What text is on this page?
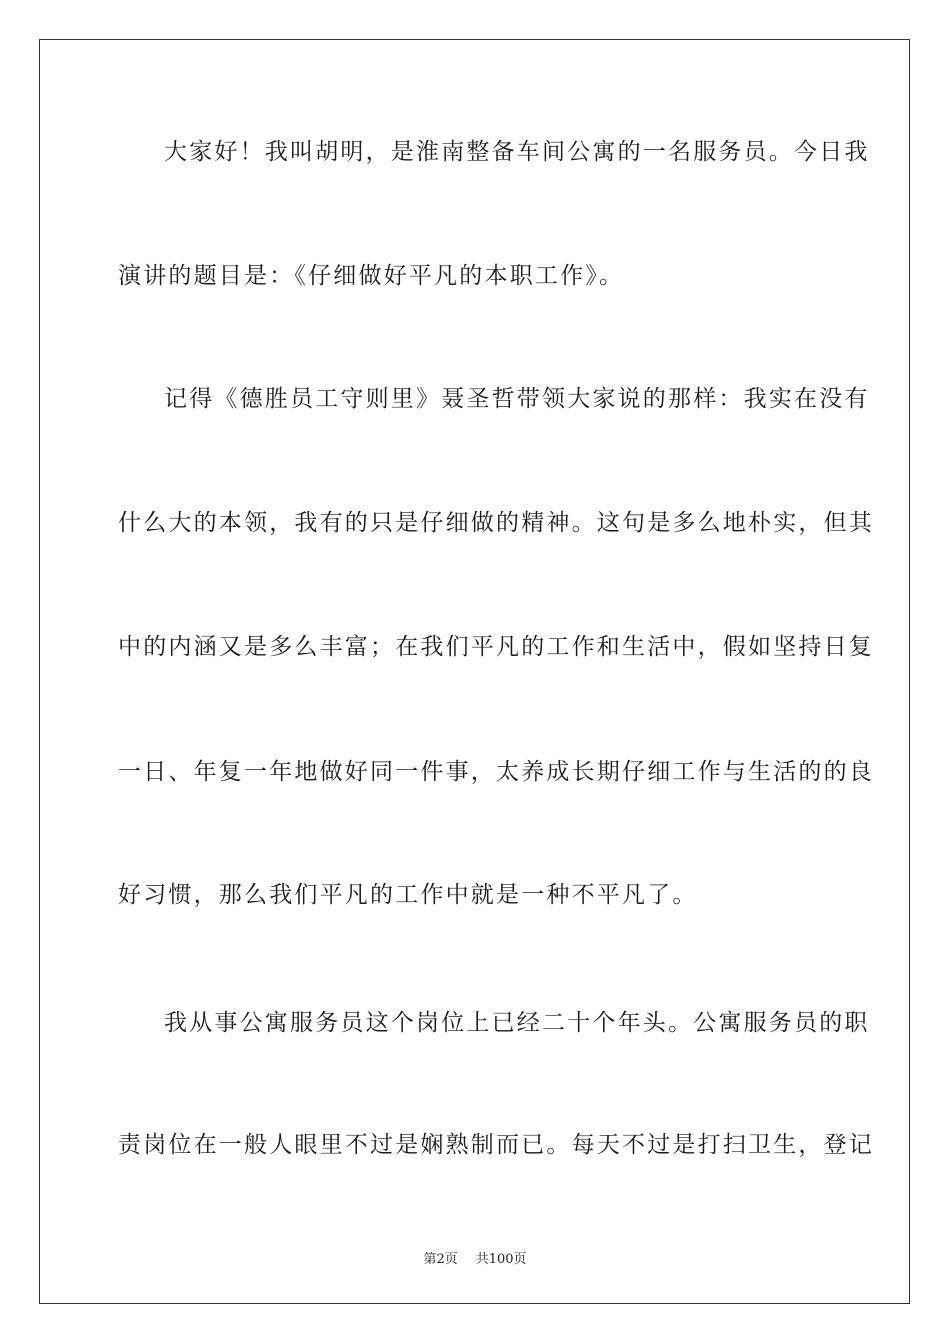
大家好！我叫胡明，是淮南整备车间公寓的一名服务员。今日我
演讲的题目是：《仔细做好平凡的本职工作》。
记得《德胜员工守则里》聂圣哲带领大家说的那样：我实在没有
什么大的本领，我有的只是仔细做的精神。这句是多么地朴实，但其
中的内涵又是多么丰富；在我们平凡的工作和生活中，假如坚持日复
一日、年复一年地做好同一件事，太养成长期仔细工作与生活的的良
好习惯，那么我们平凡的工作中就是一种不平凡了。
我从事公寓服务员这个岗位上已经二十个年头。公寓服务员的职
责岗位在一般人眼里不过是娴熟制而已。每天不过是打扫卫生，登记
第2页 共100页
